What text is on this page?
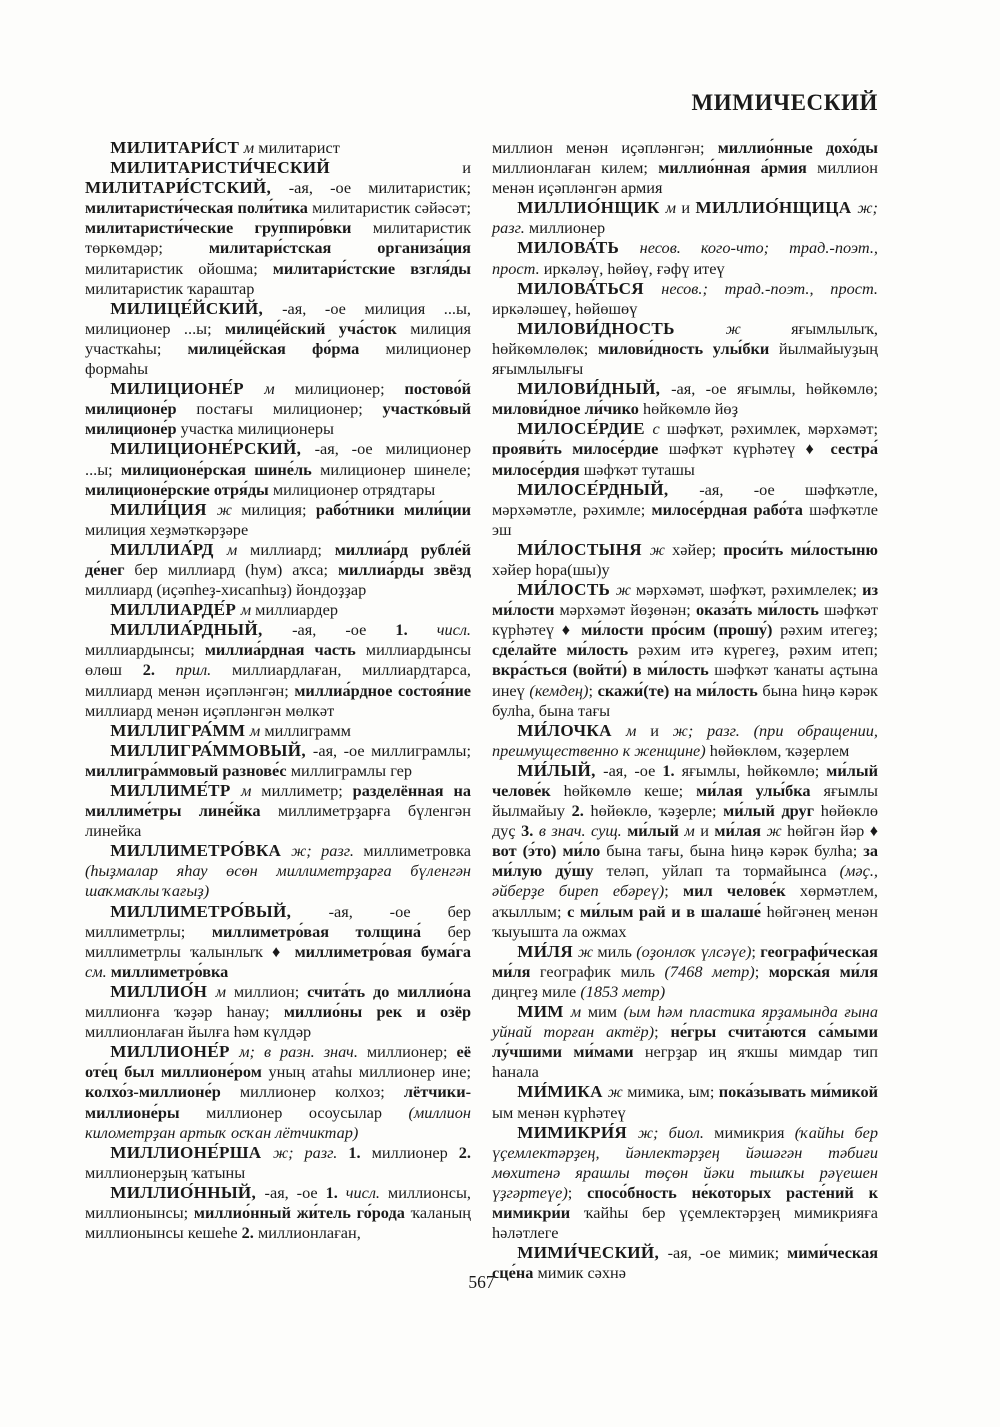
МИМИЧЕСКИЙ

МИЛИТАРИ́СТ м милитарист

МИЛИТАРИСТИ́ЧЕСКИЙ и МИЛИТАРИ́СТСКИЙ, -ая, -ое милитаристик; милитаристи́ческая поли́тика милитаристик сәйәсәт; милитаристи́ческие группиро́вки милитаристик төркөмдәр; милитари́стская организа́ция милитаристик ойошма; милитари́стские взгля́ды милитаристик ҡараштар

МИЛИЦЕ́ЙСКИЙ, -ая, -ое милиция ...ы, милиционер ...ы; милице́йский уча́сток милиция участкаһы; милице́йская фо́рма милиционер формаһы

МИЛИЦИОНЕ́Р м милиционер; постово́й милиционе́р постағы милиционер; участко́вый милиционе́р участка милиционеры

МИЛИЦИОНЕ́РСКИЙ, -ая, -ое милиционер ...ы; милиционе́рская шине́ль милиционер шинеле; милиционе́рские отря́ды милиционер отрядтары

МИЛИ́ЦИЯ ж милиция; рабо́тники мили́ции милиция хеҙмәткәрҙәре

МИЛЛИА́РД м миллиард; миллиа́рд рубле́й де́нег бер миллиард (һум) аҡса; миллиа́рды звёзд миллиард (иҫәпһеҙ-хисапһыҙ) йондоҙҙар

МИЛЛИАРДЕ́Р м миллиардер

МИЛЛИА́РДНЫЙ, -ая, -ое 1. числ. миллиардынсы; миллиа́рдная часть миллиардынсы өлөш 2. прил. миллиардлаған, миллиардтарса, миллиард менән иҫәпләнгән; миллиа́рдное состоя́ние миллиард менән иҫәпләнгән мөлкәт

МИЛЛИГРА́ММ м миллиграмм

МИЛЛИГРА́ММОВЫЙ, -ая, -ое миллиграмлы; миллигра́ммовый разнове́с миллиграмлы гер

МИЛЛИМЕ́ТР м миллиметр; разделённая на миллиме́тры лине́йка миллиметрҙарға бүленгән линейка

МИЛЛИМЕТРО́ВКА ж; разг. миллиметровка (һыҙмалар яһау өсөн миллиметрҙарға бүленгән шаҡмаҡлы ҡағыҙ)

МИЛЛИМЕТРО́ВЫЙ, -ая, -ое бер миллиметрлы; миллиметро́вая толщина́ бер миллиметрлы ҡалынлыҡ ♦ миллиметро́вая бума́га см. миллиметро́вка

МИЛЛИО́Н м миллион; счита́ть до миллио́на миллионға ҡәҙәр һанау; миллио́ны рек и озёр миллионлаған йылға һәм күлдәр

МИЛЛИОНЕ́Р м; в разн. знач. миллионер; её оте́ц был миллионе́ром уның атаһы миллионер ине; колхо́з-миллионе́р миллионер колхоз; лётчики-миллионе́ры миллионер осоусылар (миллион километрҙан артыҡ осҡан лётчиктар)

МИЛЛИОНЕ́РША ж; разг. 1. миллионер 2. миллионерҙың ҡатыны

МИЛЛИО́ННЫЙ, -ая, -ое 1. числ. миллионсы, миллионынсы; миллио́нный жи́тель го́рода ҡаланың миллионынсы кешеһе 2. миллионлаған,

миллион менән иҫәпләнгән; миллио́нные дохо́ды миллионлаған килем; миллио́нная а́рмия миллион менән иҫәпләнгән армия

МИЛЛИО́НЩИК м и МИЛЛИО́НЩИЦА ж; разг. миллионер

МИЛОВА́ТЬ несов. кого-что; трад.-поэт., прост. иркәләү, һөйөү, ғәфү итеү

МИЛОВА́ТЬСЯ несов.; трад.-поэт., прост. иркәләшеү, һөйөшөү

МИЛОВИ́ДНОСТЬ ж яғымлылыҡ, һөйкөмлөлөк; милови́дность улы́бки йылмайыуҙың яғымлылығы

МИЛОВИ́ДНЫЙ, -ая, -ое яғымлы, һөйкөмлө; милови́дное ли́чико һөйкөмлө йөҙ

МИЛОСЕ́РДИЕ с шәфҡәт, рәхимлек, мәрхәмәт; прояви́ть милосе́рдие шәфҡәт күрһәтеү ♦ сестра́ милосе́рдия шәфҡәт туташы

МИЛОСЕ́РДНЫЙ, -ая, -ое шәфҡәтле, мәрхәмәтле, рәхимле; милосе́рдная рабо́та шәфҡәтле эш

МИ́ЛОСТЫНЯ ж хәйер; проси́ть ми́лостыню хәйер һора(шы)у

МИ́ЛОСТЬ ж мәрхәмәт, шәфҡәт, рәхимлелек; из ми́лости мәрхәмәт йөҙөнән; оказа́ть ми́лость шәфҡәт күрһәтеү ♦ ми́лости про́сим (прошу́) рәхим итегеҙ; сде́лайте ми́лость рәхим итә күрегеҙ, рәхим итеп; вкра́сться (войти́) в ми́лость шәфҡәт ҡанаты аҫтына инеү (кемдең); скажи́(те) на ми́лость бына һиңә кәрәк булһа, бына тағы

МИ́ЛОЧКА м и ж; разг. (при обращении, преимущественно к женщине) һөйөклөм, ҡәҙерлем

МИ́ЛЫЙ, -ая, -ое 1. яғымлы, һөйкөмлө; ми́лый челове́к һөйкөмлө кеше; ми́лая улы́бка яғымлы йылмайыу 2. һөйөклө, ҡәҙерле; ми́лый друг һөйөклө дуҫ 3. в знач. сущ. ми́лый м и ми́лая ж һөйгән йәр ♦ вот (э́то) ми́ло бына тағы, бына һиңә кәрәк булһа; за ми́лую ду́шу теләп, уйлап та тормайынса (мәҫ., әйберҙе биреп ебәреү); мил челове́к хөрмәтлем, аҡыллым; с ми́лым рай и в шалаше́ һөйгәнең менән ҡыуышта ла ожмах

МИ́ЛЯ ж миль (оҙонлоҡ үлсәүе); географи́ческая ми́ля географик миль (7468 метр); морска́я ми́ля диңгеҙ миле (1853 метр)

МИМ м мим (ым һәм пластика ярҙамында ғына уйнай торған актёр); не́гры счита́ются са́мыми лу́чшими ми́мами негрҙар иң яҡшы мимдар тип һанала

МИ́МИКА ж мимика, ым; пока́зывать ми́микой ым менән күрһәтеү

МИМИКРИ́Я ж; биол. мимикрия (ҡайһы бер үҫемлектәрҙең, йәнлектәрҙең йәшәгән тәбиғи мөхитенә ярашлы төҫөн йәки тышҡы рәүешен үҙгәртеүе); спосо́бность не́которых расте́ний к мимикри́и ҡайһы бер үҫемлектәрҙең мимикрияға һәләтлеге

МИМИ́ЧЕСКИЙ, -ая, -ое мимик; мими́ческая сце́на мимик сәхнә

567
